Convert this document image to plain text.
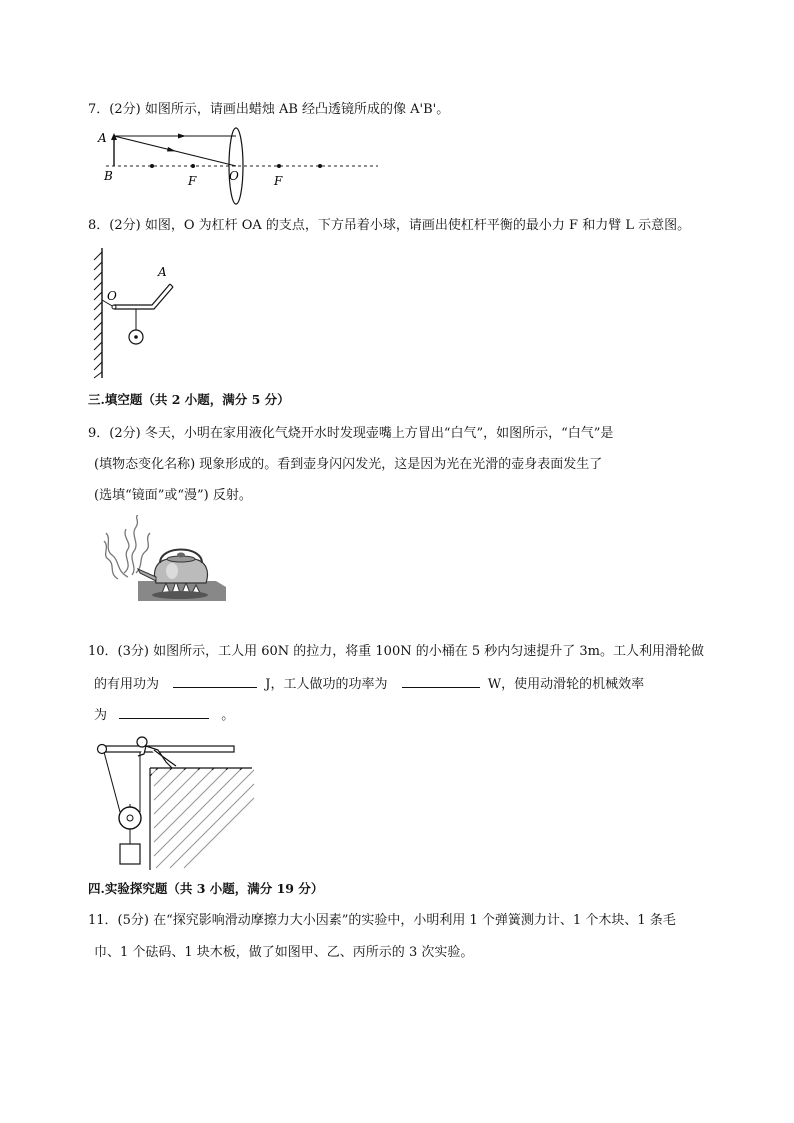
7．(2分) 如图所示，请画出蜡烛 AB 经凸透镜所成的像 A'B'。
A
B	F	O	F
8．(2分) 如图，O 为杠杆 OA 的支点，下方吊着小球，请画出使杠杆平衡的最小力 F 和力臂 L 示意图。
O
A
三.填空题（共 2 小题，满分 5 分）
9．(2分) 冬天，小明在家用液化气烧开水时发现壶嘴上方冒出“白气”，如图所示，“白气”是
(填物态变化名称) 现象形成的。看到壶身闪闪发光，这是因为光在光滑的壶身表面发生了
(选填“镜面”或“漫”) 反射。
10．(3分) 如图所示，工人用 60N 的拉力，将重 100N 的小桶在 5 秒内匀速提升了 3m。工人利用滑轮做
的有用功为	J，工人做功的功率为	W，使用动滑轮的机械效率
为	。
四.实验探究题（共 3 小题，满分 19 分）
11．(5分) 在“探究影响滑动摩擦力大小因素”的实验中，小明利用 1 个弹簧测力计、1 个木块、1 条毛
巾、1 个砝码、1 块木板，做了如图甲、乙、丙所示的 3 次实验。
